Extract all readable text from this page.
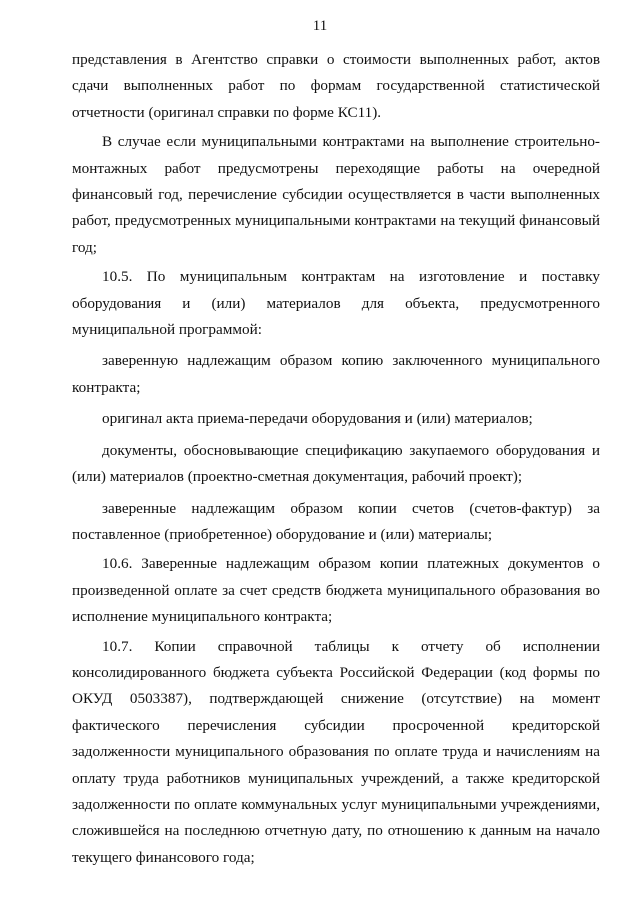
11

представления в Агентство справки о стоимости выполненных работ, актов сдачи выполненных работ по формам государственной статистической отчетности (оригинал справки по форме КС11).

В случае если муниципальными контрактами на выполнение строительно-монтажных работ предусмотрены переходящие работы на очередной финансовый год, перечисление субсидии осуществляется в части выполненных работ, предусмотренных муниципальными контрактами на текущий финансовый год;

10.5. По муниципальным контрактам на изготовление и поставку оборудования и (или) материалов для объекта, предусмотренного муниципальной программой:

заверенную надлежащим образом копию заключенного муниципального контракта;

оригинал акта приема-передачи оборудования и (или) материалов;

документы, обосновывающие спецификацию закупаемого оборудования и (или) материалов (проектно-сметная документация, рабочий проект);

заверенные надлежащим образом копии счетов (счетов-фактур) за поставленное (приобретенное) оборудование и (или) материалы;

10.6. Заверенные надлежащим образом копии платежных документов о произведенной оплате за счет средств бюджета муниципального образования во исполнение муниципального контракта;

10.7. Копии справочной таблицы к отчету об исполнении консолидированного бюджета субъекта Российской Федерации (код формы по ОКУД 0503387), подтверждающей снижение (отсутствие) на момент фактического перечисления субсидии просроченной кредиторской задолженности муниципального образования по оплате труда и начислениям на оплату труда работников муниципальных учреждений, а также кредиторской задолженности по оплате коммунальных услуг муниципальными учреждениями, сложившейся на последнюю отчетную дату, по отношению к данным на начало текущего финансового года;
